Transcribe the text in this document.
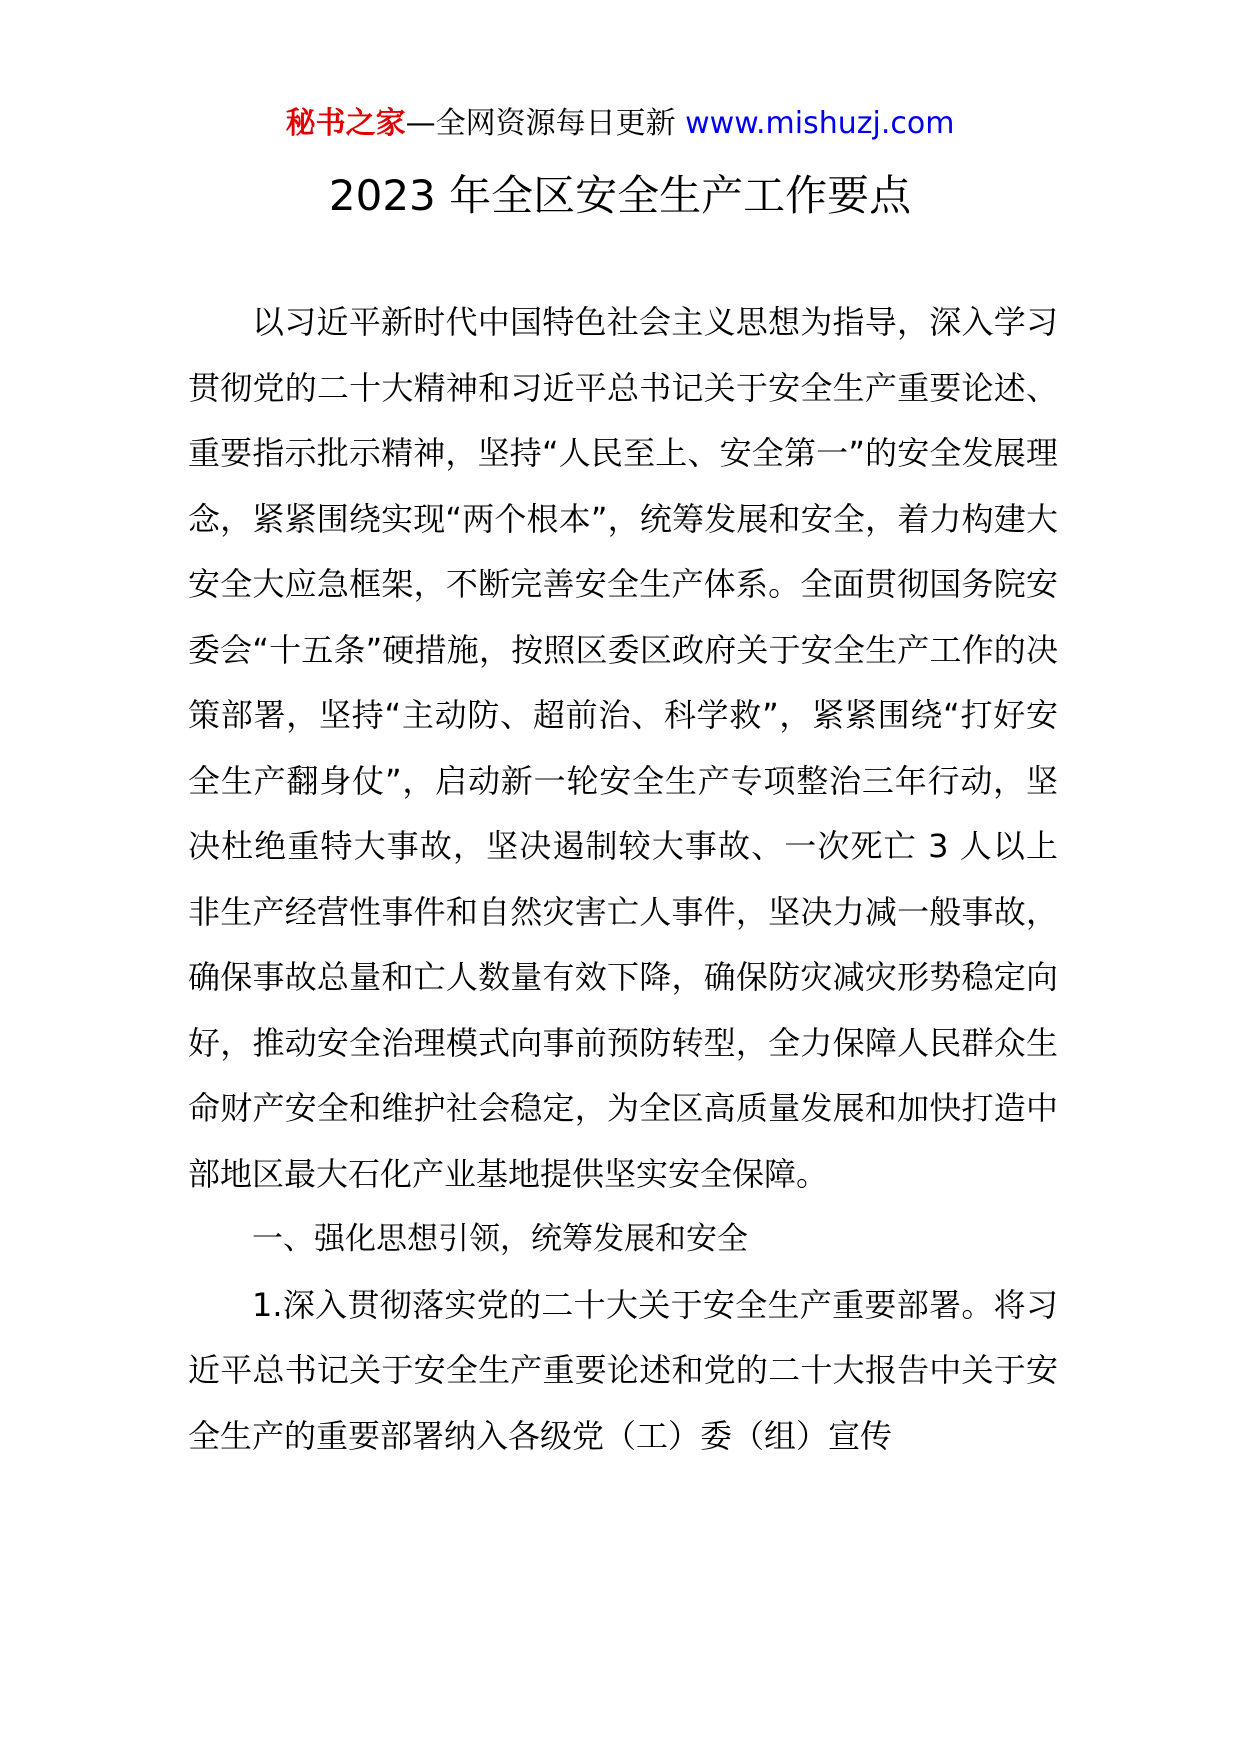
秘书之家—全网资源每日更新 www.mishuzj.com
2023 年全区安全生产工作要点

以习近平新时代中国特色社会主义思想为指导，深入学习贯彻党的二十大精神和习近平总书记关于安全生产重要论述、重要指示批示精神，坚持“人民至上、安全第一”的安全发展理念，紧紧围绕实现“两个根本”，统筹发展和安全，着力构建大安全大应急框架，不断完善安全生产体系。全面贯彻国务院安委会“十五条”硬措施，按照区委区政府关于安全生产工作的决策部署，坚持“主动防、超前治、科学救”，紧紧围绕“打好安全生产翻身仗”，启动新一轮安全生产专项整治三年行动，坚决杜绝重特大事故，坚决遏制较大事故、一次死亡 3 人以上非生产经营性事件和自然灾害亡人事件，坚决力减一般事故，确保事故总量和亡人数量有效下降，确保防灾减灾形势稳定向好，推动安全治理模式向事前预防转型，全力保障人民群众生命财产安全和维护社会稳定，为全区高质量发展和加快打造中部地区最大石化产业基地提供坚实安全保障。

一、强化思想引领，统筹发展和安全

1.深入贯彻落实党的二十大关于安全生产重要部署。将习近平总书记关于安全生产重要论述和党的二十大报告中关于安全生产的重要部署纳入各级党（工）委（组）宣传
